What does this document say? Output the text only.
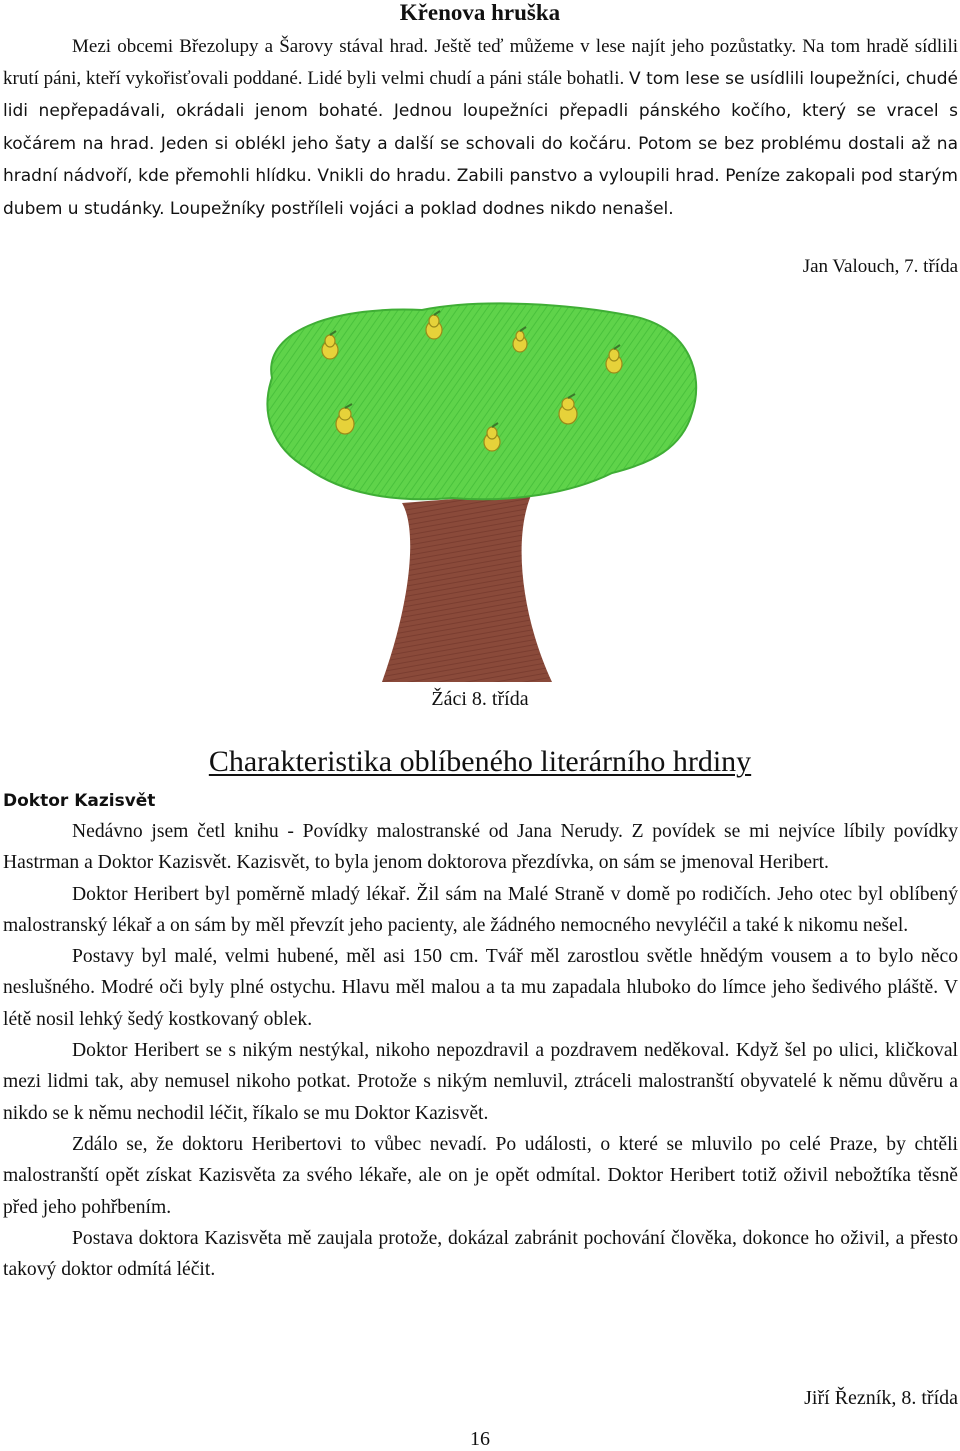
Křenova hruška

Mezi obcemi Březolupy a Šarovy stával hrad. Ještě teď můžeme v lese najít jeho pozůstatky. Na tom hradě sídlili krutí páni, kteří vykořisťovali poddané. Lidé byli velmi chudí a páni stále bohatli. V tom lese se usídlili loupežníci, chudé lidi nepřepadávali, okrádali jenom bohaté. Jednou loupežníci přepadli pánského kočího, který se vracel s kočárem na hrad. Jeden si oblékl jeho šaty a další se schovali do kočáru. Potom se bez problému dostali až na hradní nádvoří, kde přemohli hlídku. Vnikli do hradu. Zabili panstvo a vyloupili hrad. Peníze zakopali pod starým dubem u studánky. Loupežníky postříleli vojáci a poklad dodnes nikdo nenašel.

Jan Valouch, 7. třída
Žáci 8. třída
Charakteristika oblíbeného literárního hrdiny
Doktor Kazisvět

Nedávno jsem četl knihu - Povídky malostranské od Jana Nerudy. Z povídek se mi nejvíce líbily povídky Hastrman a Doktor Kazisvět. Kazisvět, to byla jenom doktorova přezdívka, on sám se jmenoval Heribert.

Doktor Heribert byl poměrně mladý lékař. Žil sám na Malé Straně v domě po rodičích. Jeho otec byl oblíbený malostranský lékař a on sám by měl převzít jeho pacienty, ale žádného nemocného nevyléčil a také k nikomu nešel.

Postavy byl malé, velmi hubené, měl asi 150 cm. Tvář měl zarostlou světle hnědým vousem a to bylo něco neslušného. Modré oči byly plné ostychu. Hlavu měl malou a ta mu zapadala hluboko do límce jeho šedivého pláště. V létě nosil lehký šedý kostkovaný oblek.

Doktor Heribert se s nikým nestýkal, nikoho nepozdravil a pozdravem neděkoval. Když šel po ulici, kličkoval mezi lidmi tak, aby nemusel nikoho potkat. Protože s nikým nemluvil, ztráceli malostranští obyvatelé k němu důvěru a nikdo se k němu nechodil léčit, říkalo se mu Doktor Kazisvět.

Zdálo se, že doktoru Heribertovi to vůbec nevadí. Po události, o které se mluvilo po celé Praze, by chtěli malostranští opět získat Kazisvěta za svého lékaře, ale on je opět odmítal. Doktor Heribert totiž oživil nebožtíka těsně před jeho pohřbením.

Postava doktora Kazisvěta mě zaujala protože, dokázal zabránit pochování člověka, dokonce ho oživil, a přesto takový doktor odmítá léčit.

Jiří Řezník, 8. třída
16
